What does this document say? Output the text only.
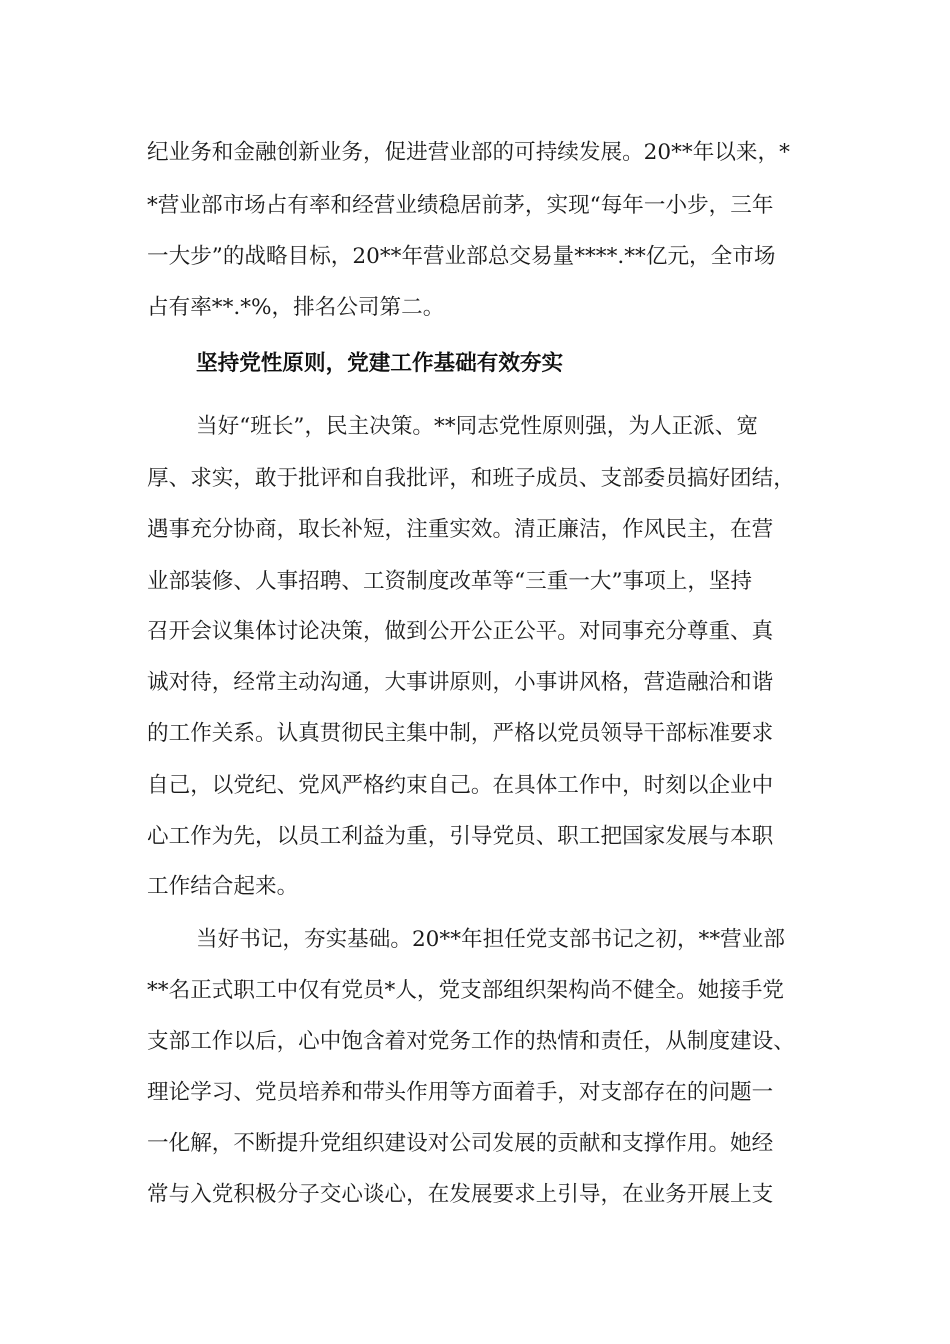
纪业务和金融创新业务，促进营业部的可持续发展。20**年以来，*
*营业部市场占有率和经营业绩稳居前茅，实现“每年一小步，三年
一大步”的战略目标，20**年营业部总交易量****.**亿元，全市场
占有率**.*%，排名公司第二。
坚持党性原则，党建工作基础有效夯实
当好“班长”，民主决策。**同志党性原则强，为人正派、宽
厚、求实，敢于批评和自我批评，和班子成员、支部委员搞好团结，
遇事充分协商，取长补短，注重实效。清正廉洁，作风民主，在营
业部装修、人事招聘、工资制度改革等“三重一大”事项上，坚持
召开会议集体讨论决策，做到公开公正公平。对同事充分尊重、真
诚对待，经常主动沟通，大事讲原则，小事讲风格，营造融洽和谐
的工作关系。认真贯彻民主集中制，严格以党员领导干部标准要求
自己，以党纪、党风严格约束自己。在具体工作中，时刻以企业中
心工作为先，以员工利益为重，引导党员、职工把国家发展与本职
工作结合起来。
当好书记，夯实基础。20**年担任党支部书记之初，**营业部
**名正式职工中仅有党员*人，党支部组织架构尚不健全。她接手党
支部工作以后，心中饱含着对党务工作的热情和责任，从制度建设、
理论学习、党员培养和带头作用等方面着手，对支部存在的问题一
一化解，不断提升党组织建设对公司发展的贡献和支撑作用。她经
常与入党积极分子交心谈心，在发展要求上引导，在业务开展上支
